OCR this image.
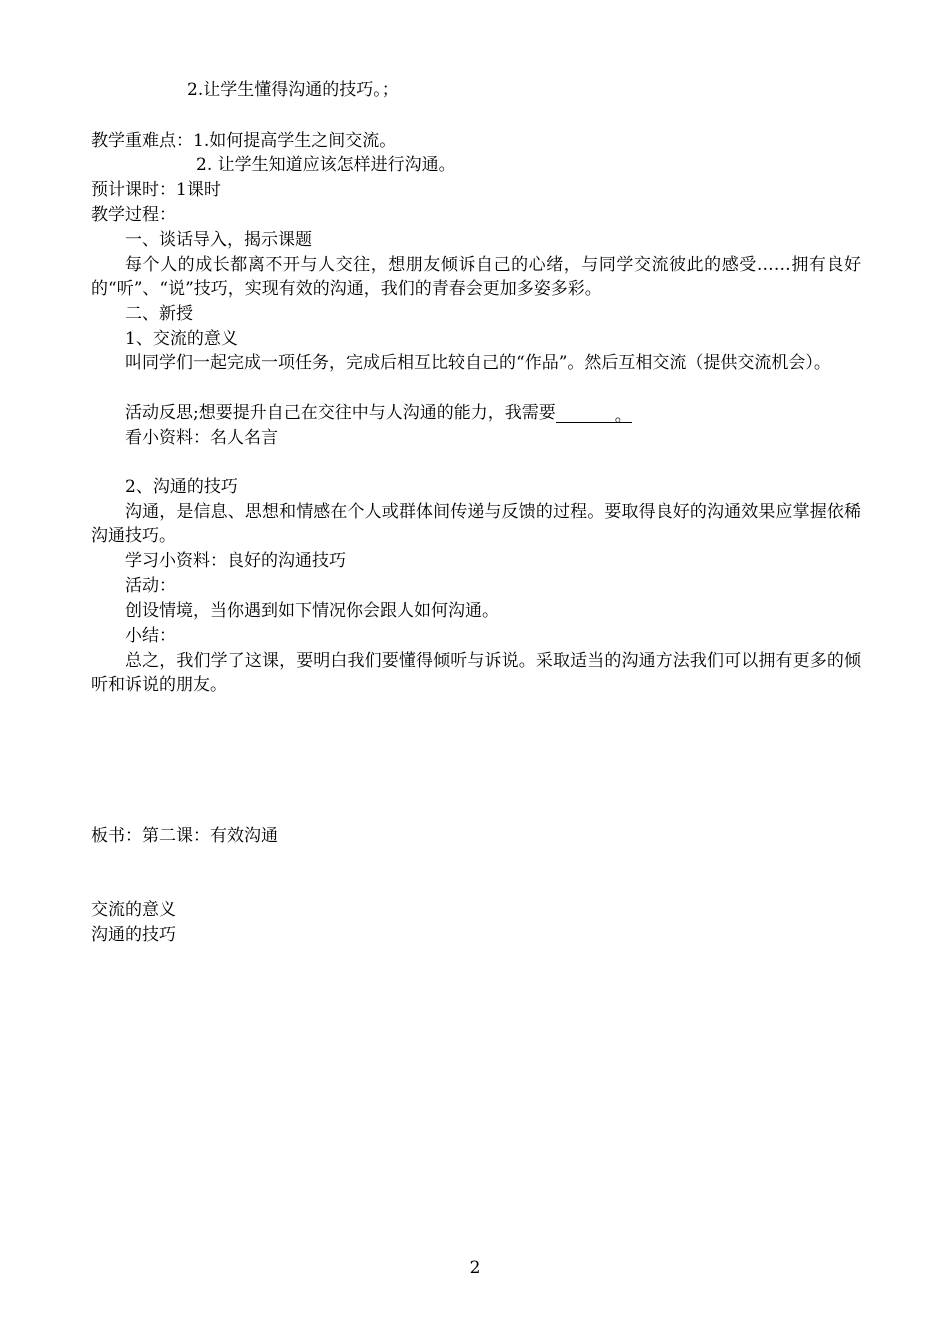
2.让学生懂得沟通的技巧。；
教学重难点：1.如何提高学生之间交流。
2. 让学生知道应该怎样进行沟通。
预计课时：1课时
教学过程：
一、谈话导入，揭示课题
每个人的成长都离不开与人交往，想朋友倾诉自己的心绪，与同学交流彼此的感受……拥有良好的“听”、“说”技巧，实现有效的沟通，我们的青春会更加多姿多彩。
二、新授
1、交流的意义
叫同学们一起完成一项任务，完成后相互比较自己的“作品”。然后互相交流（提供交流机会）。
活动反思;想要提升自己在交往中与人沟通的能力，我需要	。
看小资料：名人名言
2、沟通的技巧
沟通，是信息、思想和情感在个人或群体间传递与反馈的过程。要取得良好的沟通效果应掌握依稀沟通技巧。
学习小资料：良好的沟通技巧
活动：
创设情境，当你遇到如下情况你会跟人如何沟通。
小结：
总之，我们学了这课，要明白我们要懂得倾听与诉说。采取适当的沟通方法我们可以拥有更多的倾听和诉说的朋友。
板书：第二课：有效沟通
交流的意义
沟通的技巧
2
